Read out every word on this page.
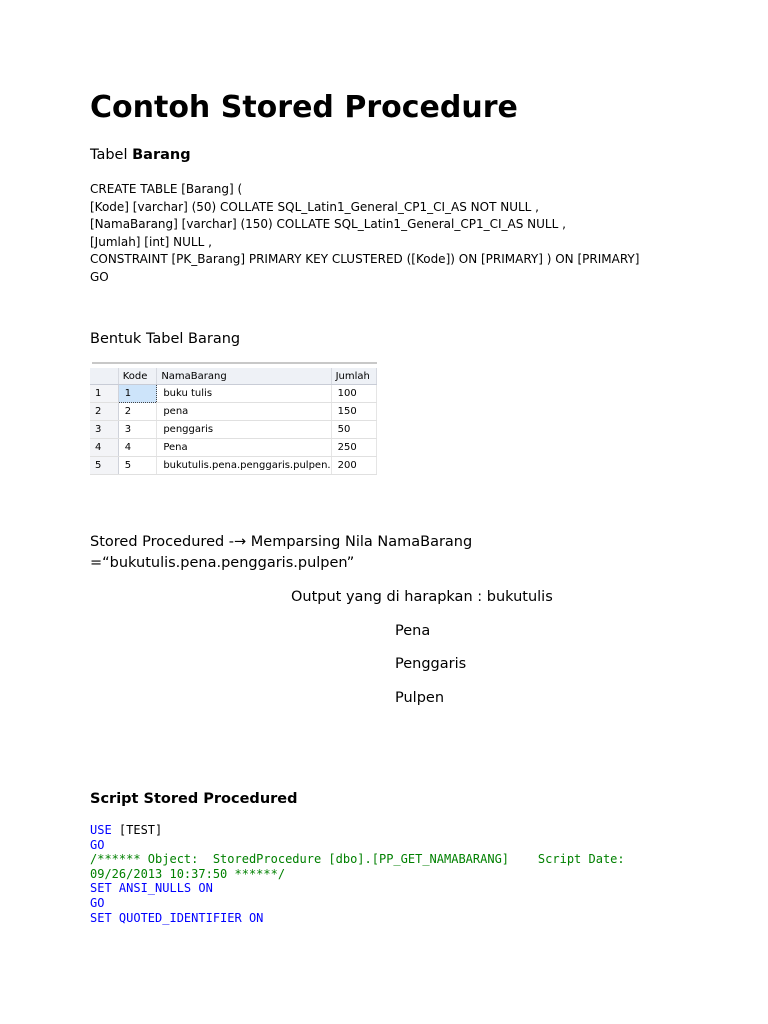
Contoh Stored Procedure
Tabel Barang
CREATE TABLE [Barang] (
[Kode] [varchar] (50) COLLATE SQL_Latin1_General_CP1_CI_AS NOT NULL ,
[NamaBarang] [varchar] (150) COLLATE SQL_Latin1_General_CP1_CI_AS NULL ,
[Jumlah] [int] NULL ,
CONSTRAINT [PK_Barang] PRIMARY KEY CLUSTERED ([Kode]) ON [PRIMARY] ) ON [PRIMARY]
GO
Bentuk Tabel Barang
	Kode	NamaBarang	Jumlah
1	1	buku tulis	100
2	2	pena	150
3	3	penggaris	50
4	4	Pena	250
5	5	bukutulis.pena.penggaris.pulpen.	200
Stored Procedured -→ Memparsing Nila NamaBarang
=“bukutulis.pena.penggaris.pulpen”
Output yang di harapkan : bukutulis
Pena
Penggaris
Pulpen
Script Stored Procedured
USE [TEST]
GO
/****** Object:  StoredProcedure [dbo].[PP_GET_NAMABARANG]    Script Date:
09/26/2013 10:37:50 ******/
SET ANSI_NULLS ON
GO
SET QUOTED_IDENTIFIER ON
